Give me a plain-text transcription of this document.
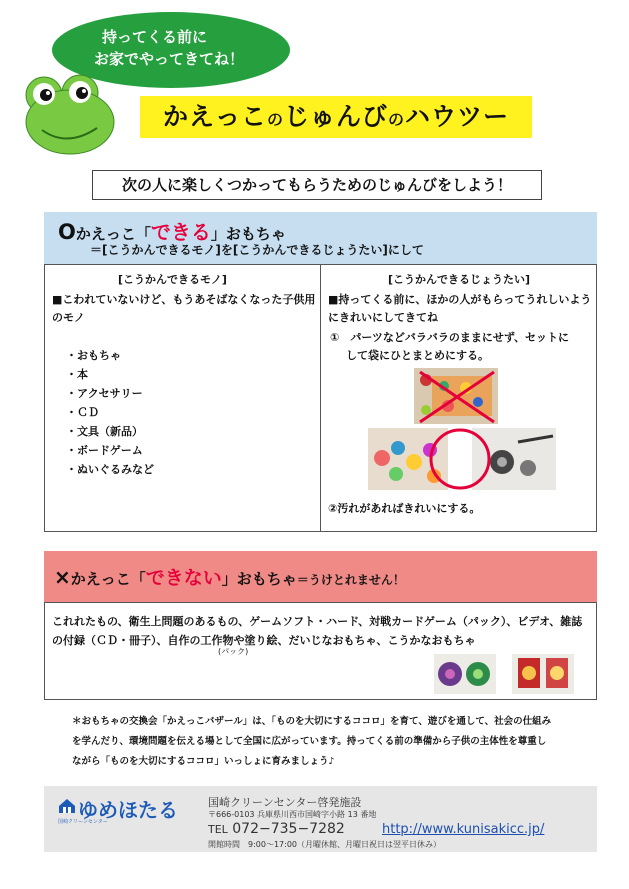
持ってくる前に
お家でやってきてね！
かえっこのじゅんびのハウツー
次の人に楽しくつかってもらうためのじゅんびをしよう！
Oかえっこ「できる」おもちゃ
＝[こうかんできるモノ]を[こうかんできるじょうたい]にして
[こうかんできるモノ]
■こわれていないけど、もうあそばなくなった子供用
のモノ
・おもちゃ
・本
・アクセサリー
・ＣＤ
・文具（新品）
・ボードゲーム
・ぬいぐるみなど
[こうかんできるじょうたい]
■持ってくる前に、ほかの人がもらってうれしいよう
にきれいにしてきてね
①　パーツなどバラバラのままにせず、セットに
して袋にひとまとめにする。
②汚れがあればきれいにする。
×かえっこ「できない」おもちゃ＝うけとれません！
これれたもの、衛生上問題のあるもの、ゲームソフト・ハード、対戦カードゲーム（パック）、ビデオ、雑誌
の付録（ＣＤ・冊子）、自作の工作物や塗り絵、だいじなおもちゃ、こうかなおもちゃ
(パック)
＊おもちゃの交換会「かえっこバザール」は、「ものを大切にするココロ」を育て、遊びを通して、社会の仕組み
を学んだり、環境問題を伝える場として全国に広がっています。持ってくる前の準備から子供の主体性を尊重し
ながら「ものを大切にするココロ」いっしょに育みましょう♪
ゆめほたる
国崎クリーンセンター
国崎クリーンセンター啓発施設
〒666-0103 兵庫県川西市国崎字小路 13 番地
TEL 072−735−7282	http://www.kunisakicc.jp/
開館時間　9:00～17:00（月曜休館、月曜日祝日は翌平日休み）
